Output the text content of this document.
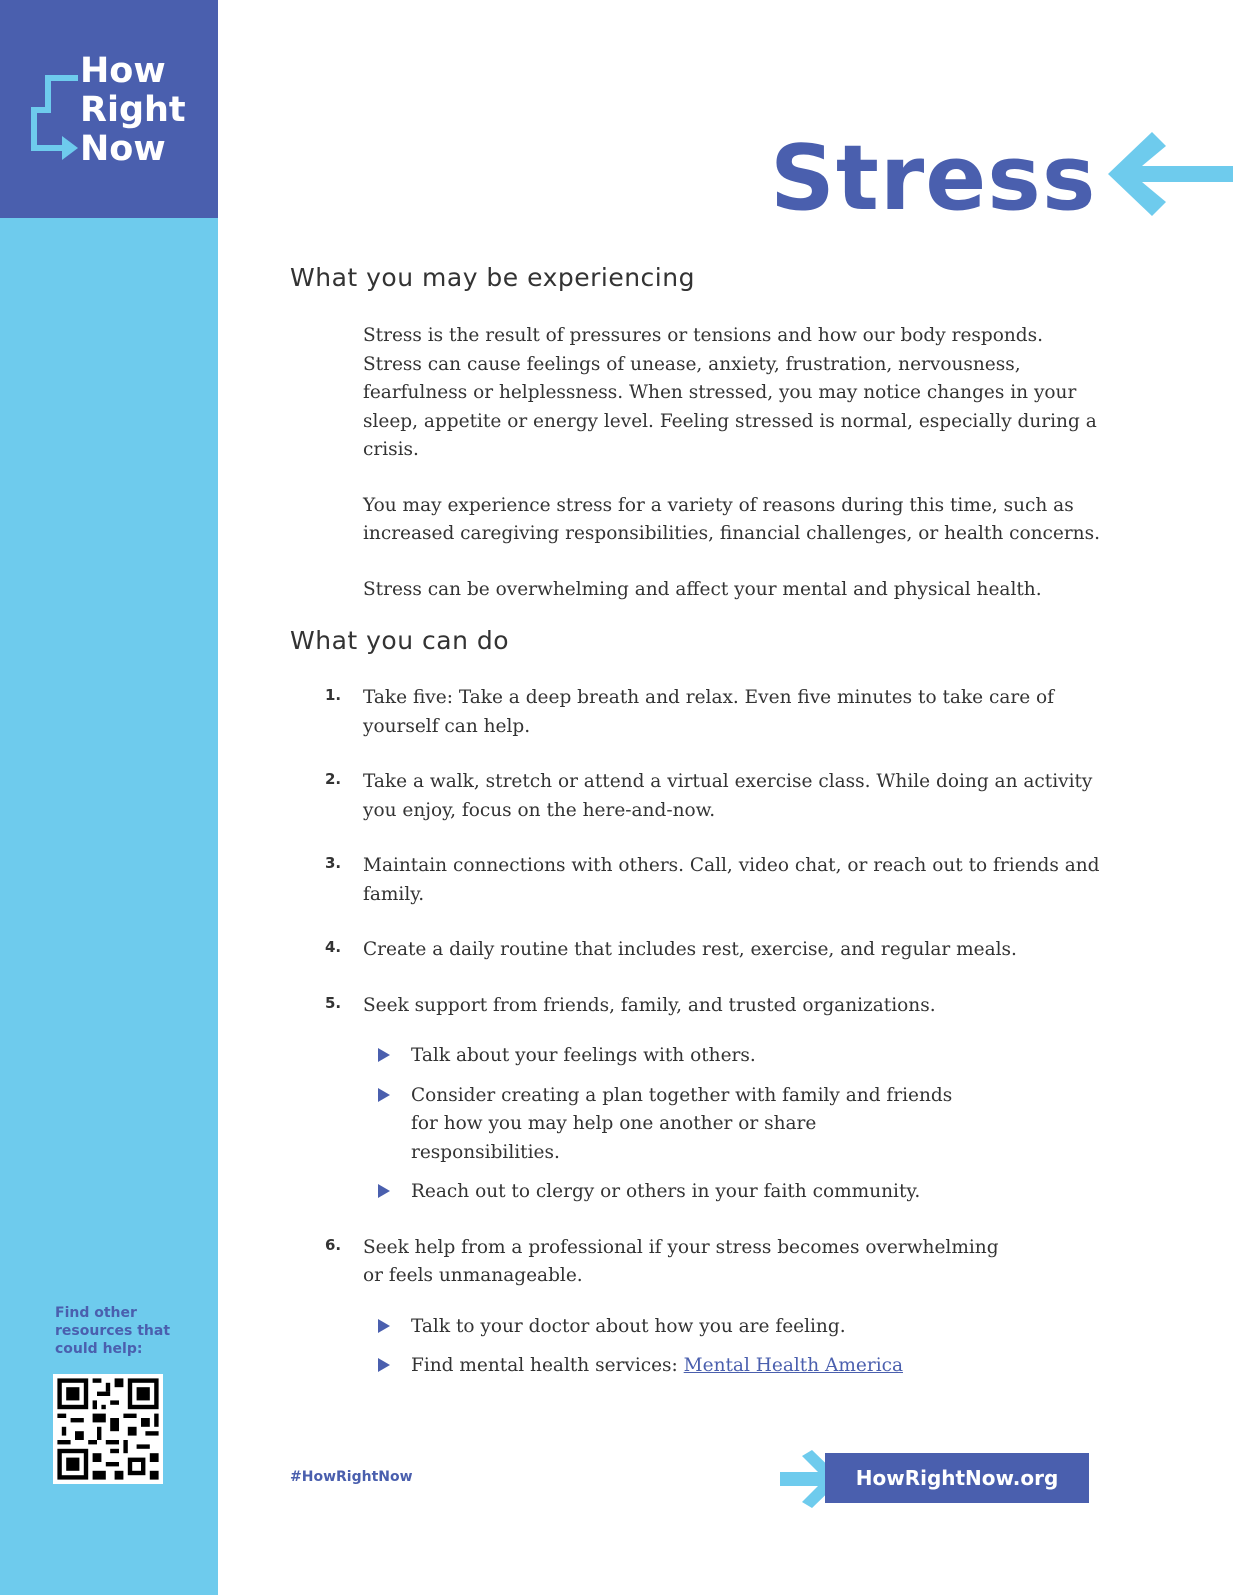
How
Right
Now
Find other resources that could help:
Stress
What you may be experiencing

Stress is the result of pressures or tensions and how our body responds. Stress can cause feelings of unease, anxiety, frustration, nervousness, fearfulness or helplessness. When stressed, you may notice changes in your sleep, appetite or energy level. Feeling stressed is normal, especially during a crisis.

You may experience stress for a variety of reasons during this time, such as increased caregiving responsibilities, financial challenges, or health concerns.

Stress can be overwhelming and affect your mental and physical health.

What you can do
1. Take five: Take a deep breath and relax. Even five minutes to take care of yourself can help.
2. Take a walk, stretch or attend a virtual exercise class. While doing an activity you enjoy, focus on the here-and-now.
3. Maintain connections with others. Call, video chat, or reach out to friends and family.
4. Create a daily routine that includes rest, exercise, and regular meals.
5. Seek support from friends, family, and trusted organizations.
Talk about your feelings with others.
Consider creating a plan together with family and friends for how you may help one another or share responsibilities.
Reach out to clergy or others in your faith community.
6. Seek help from a professional if your stress becomes overwhelming or feels unmanageable.
Talk to your doctor about how you are feeling.
Find mental health services: Mental Health America
#HowRightNow	HowRightNow.org
